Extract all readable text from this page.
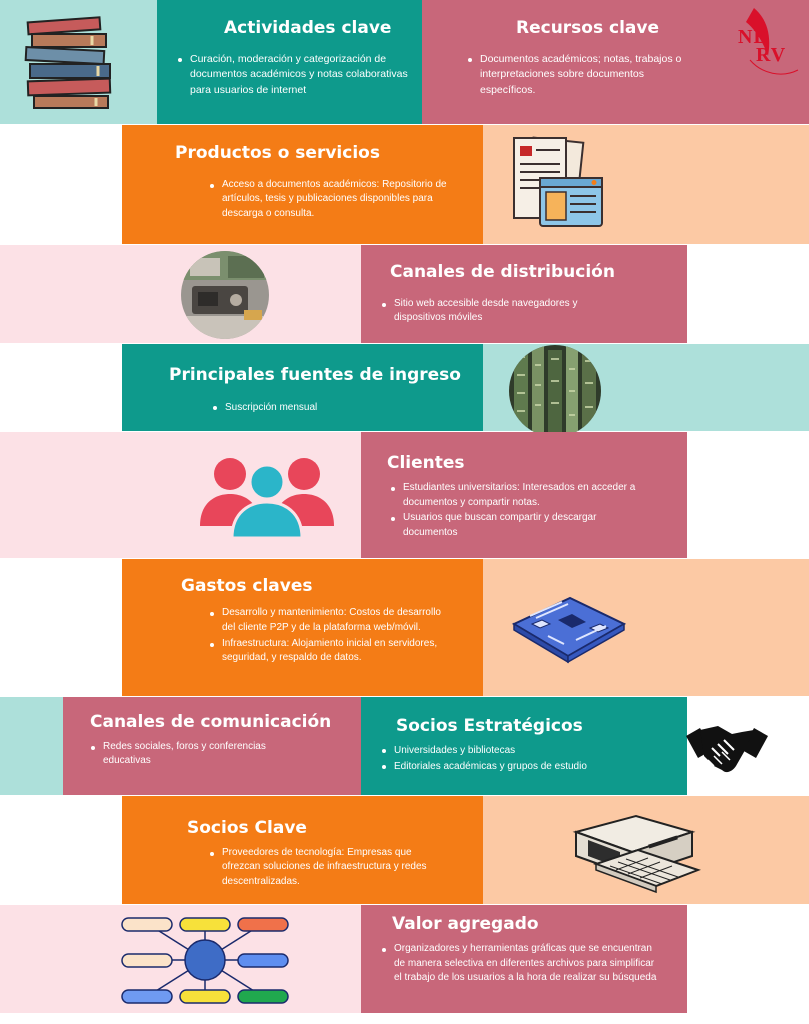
Actividades clave
Curación, moderación y categorización de documentos académicos y notas colaborativas para usuarios de internet
Recursos clave
Documentos académicos; notas, trabajos o interpretaciones sobre documentos específicos.
NE
RV
Productos o servicios
Acceso a documentos académicos: Repositorio de artículos, tesis y publicaciones disponibles para descarga o consulta.
Canales de distribución
Sitio web accesible desde navegadores y dispositivos móviles
Principales fuentes de ingreso
Suscripción mensual
Clientes
Estudiantes universitarios: Interesados en acceder a documentos y compartir notas.
Usuarios que buscan compartir y descargar documentos
Gastos claves
Desarrollo y mantenimiento: Costos de desarrollo del cliente P2P y de la plataforma web/móvil.
Infraestructura: Alojamiento inicial en servidores, seguridad, y respaldo de datos.
Canales de comunicación
Redes sociales, foros y conferencias educativas
Socios Estratégicos
Universidades y bibliotecas
Editoriales académicas y grupos de estudio
Socios Clave
Proveedores de tecnología: Empresas que ofrezcan soluciones de infraestructura y redes descentralizadas.
Valor agregado
Organizadores y herramientas gráficas que se encuentran de manera selectiva en diferentes archivos para simplificar el trabajo de los usuarios a la hora de realizar su búsqueda
